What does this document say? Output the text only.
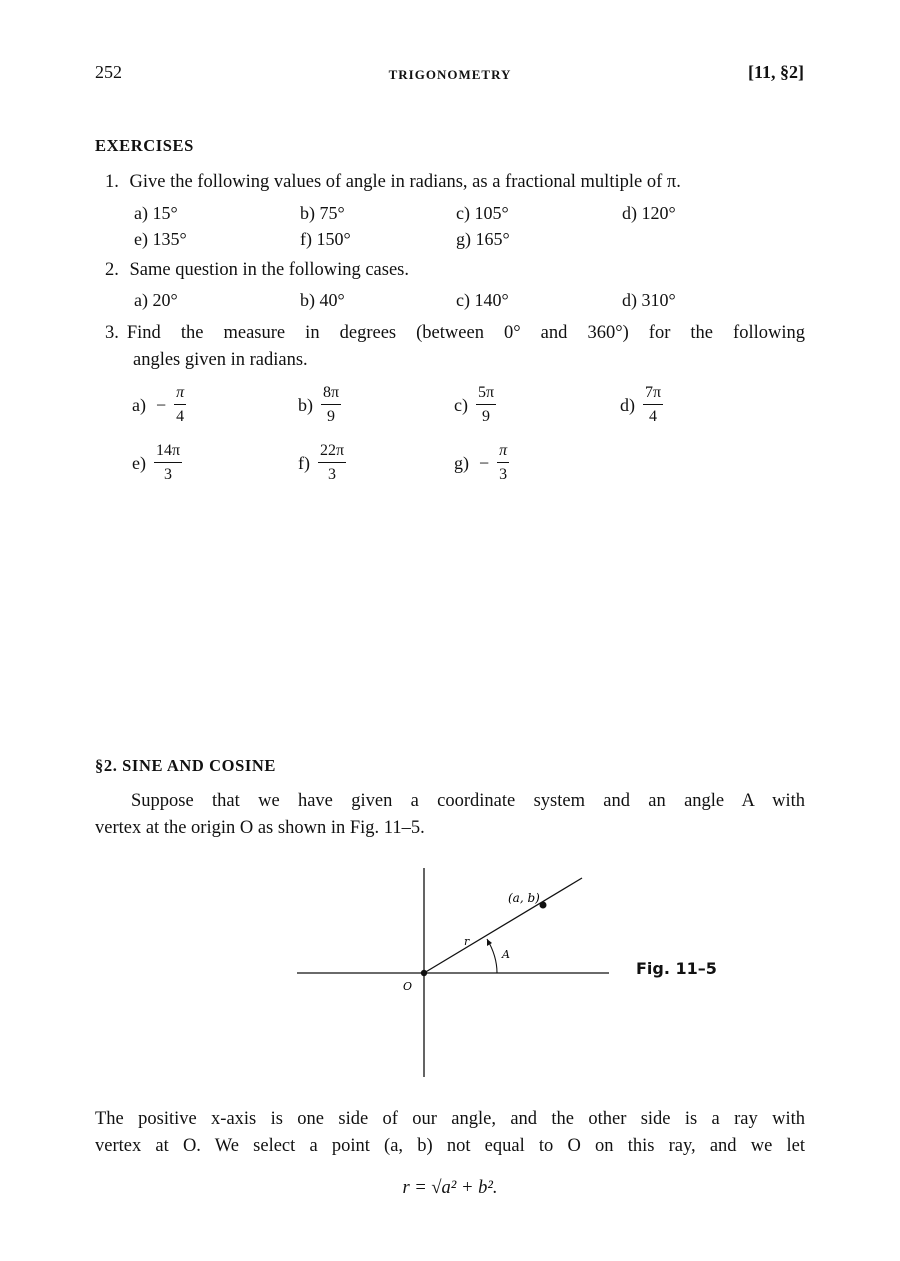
252	TRIGONOMETRY	[11, §2]
EXERCISES
1. Give the following values of angle in radians, as a fractional multiple of π.
a) 15°	b) 75°	c) 105°	d) 120°
e) 135°	f) 150°	g) 165°
2. Same question in the following cases.
a) 20°	b) 40°	c) 140°	d) 310°
3. Find the measure in degrees (between 0° and 360°) for the following
angles given in radians.
$a) - \frac{\pi}{4}$	$b) \frac{8\pi}{9}$	$c) \frac{5\pi}{9}$	$d) \frac{7\pi}{4}$
$e) \frac{14\pi}{3}$	$f) \frac{22\pi}{3}$	$g) - \frac{\pi}{3}$
§2. SINE AND COSINE
Suppose that we have given a coordinate system and an angle A with
vertex at the origin O as shown in Fig. 11–5.
(a, b)
r
A
O
Fig. 11–5
The positive x-axis is one side of our angle, and the other side is a ray with
vertex at O. We select a point (a, b) not equal to O on this ray, and we let
r = √a² + b².
